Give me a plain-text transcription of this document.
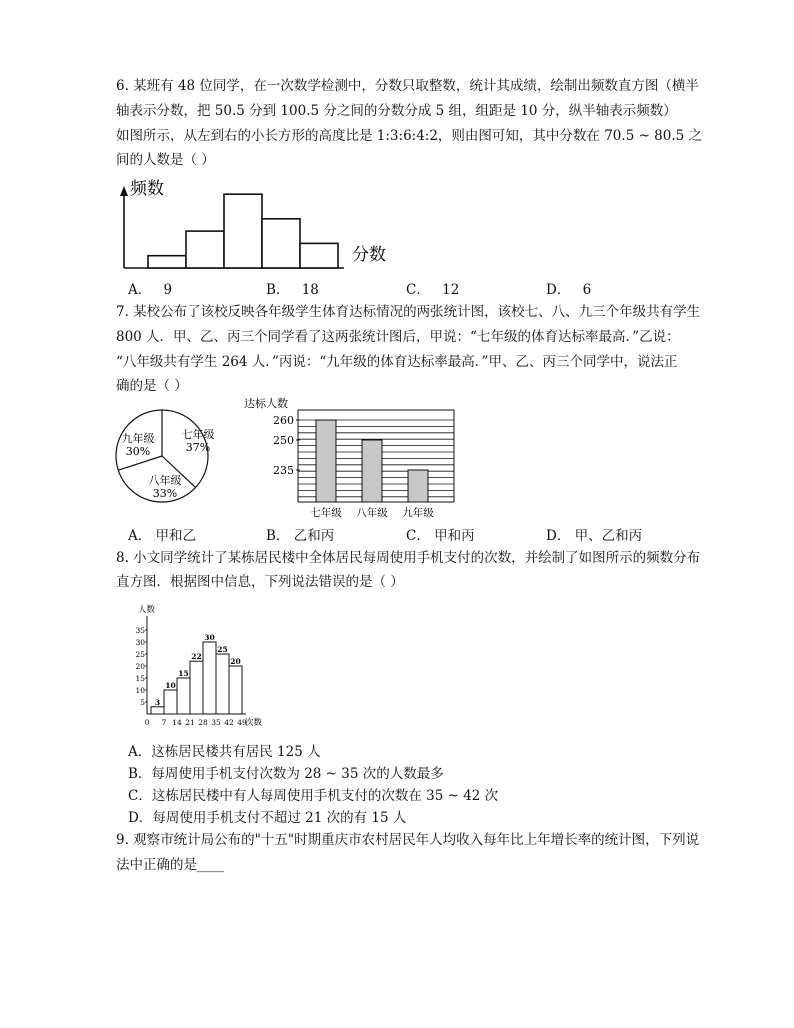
6. 某班有 48 位同学，在一次数学检测中，分数只取整数，统计其成绩，绘制出频数直方图（横半
轴表示分数，把 50.5 分到 100.5 分之间的分数分成 5 组，组距是 10 分，纵半轴表示频数）
如图所示，从左到右的小长方形的高度比是 1:3:6:4:2，则由图可知，其中分数在 70.5 ~ 80.5 之
间的人数是（ ）
频数
分数
A． 9	B． 18	C． 12	D． 6
7. 某校公布了该校反映各年级学生体育达标情况的两张统计图，该校七、八、九三个年级共有学生
800 人．甲、乙、丙三个同学看了这两张统计图后，甲说：“七年级的体育达标率最高．”乙说：
“八年级共有学生 264 人．”丙说：“九年级的体育达标率最高．”甲、乙、丙三个同学中，说法正
确的是（ ）
七年级
37%
八年级
33%
九年级
30%
达标人数
260
250
235
七年级 八年级 九年级
A． 甲和乙	B． 乙和丙	C． 甲和丙	D． 甲、乙和丙
8. 小文同学统计了某栋居民楼中全体居民每周使用手机支付的次数，并绘制了如图所示的频数分布
直方图．根据图中信息，下列说法错误的是（ ）
人数
次数
5
10
15
20
25
30
35
3
10
15
22
30
25
20
0 7 14 21 28 35 42 49
A．这栋居民楼共有居民 125 人
B．每周使用手机支付次数为 28 ~ 35 次的人数最多
C．这栋居民楼中有人每周使用手机支付的次数在 35 ~ 42 次
D．每周使用手机支付不超过 21 次的有 15 人
9. 观察市统计局公布的"十五"时期重庆市农村居民年人均收入每年比上年增长率的统计图，下列说
法中正确的是____
